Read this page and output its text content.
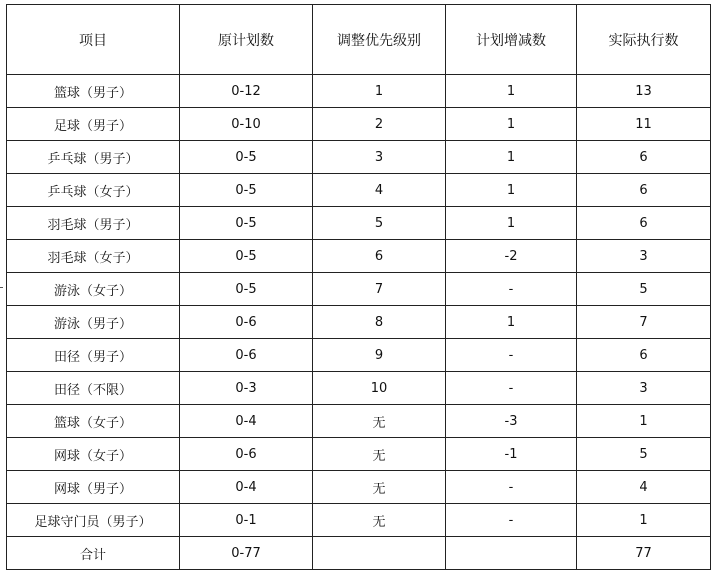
项目	原计划数	调整优先级别	计划增减数	实际执行数
篮球（男子）	0-12	1	1	13
足球（男子）	0-10	2	1	11
乒乓球（男子）	0-5	3	1	6
乒乓球（女子）	0-5	4	1	6
羽毛球（男子）	0-5	5	1	6
羽毛球（女子）	0-5	6	-2	3
游泳（女子）	0-5	7	-	5
游泳（男子）	0-6	8	1	7
田径（男子）	0-6	9	-	6
田径（不限）	0-3	10	-	3
篮球（女子）	0-4	无	-3	1
网球（女子）	0-6	无	-1	5
网球（男子）	0-4	无	-	4
足球守门员（男子）	0-1	无	-	1
合计	0-77			77
